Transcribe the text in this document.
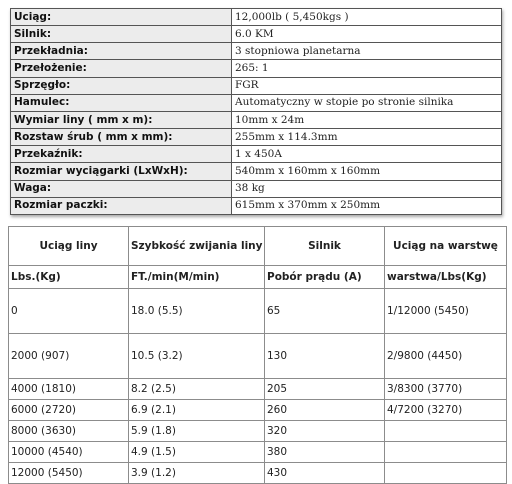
Uciąg:	12,000lb ( 5,450kgs )
Silnik:	6.0 KM
Przekładnia:	3 stopniowa planetarna
Przełożenie:	265: 1
Sprzęgło:	FGR
Hamulec:	Automatyczny w stopie po stronie silnika
Wymiar liny ( mm x m):	10mm x 24m
Rozstaw śrub ( mm x mm):	255mm x 114.3mm
Przekaźnik:	1 x 450A
Rozmiar wyciągarki (LxWxH):	540mm x 160mm x 160mm
Waga:	38 kg
Rozmiar paczki:	615mm x 370mm x 250mm
Uciąg liny	Szybkość zwijania liny	Silnik	Uciąg na warstwę
Lbs.(Kg)	FT./min(M/min)	Pobór prądu (A)	warstwa/Lbs(Kg)
0	18.0 (5.5)	65	1/12000 (5450)
2000 (907)	10.5 (3.2)	130	2/9800 (4450)
4000 (1810)	8.2 (2.5)	205	3/8300 (3770)
6000 (2720)	6.9 (2.1)	260	4/7200 (3270)
8000 (3630)	5.9 (1.8)	320	
10000 (4540)	4.9 (1.5)	380	
12000 (5450)	3.9 (1.2)	430	
